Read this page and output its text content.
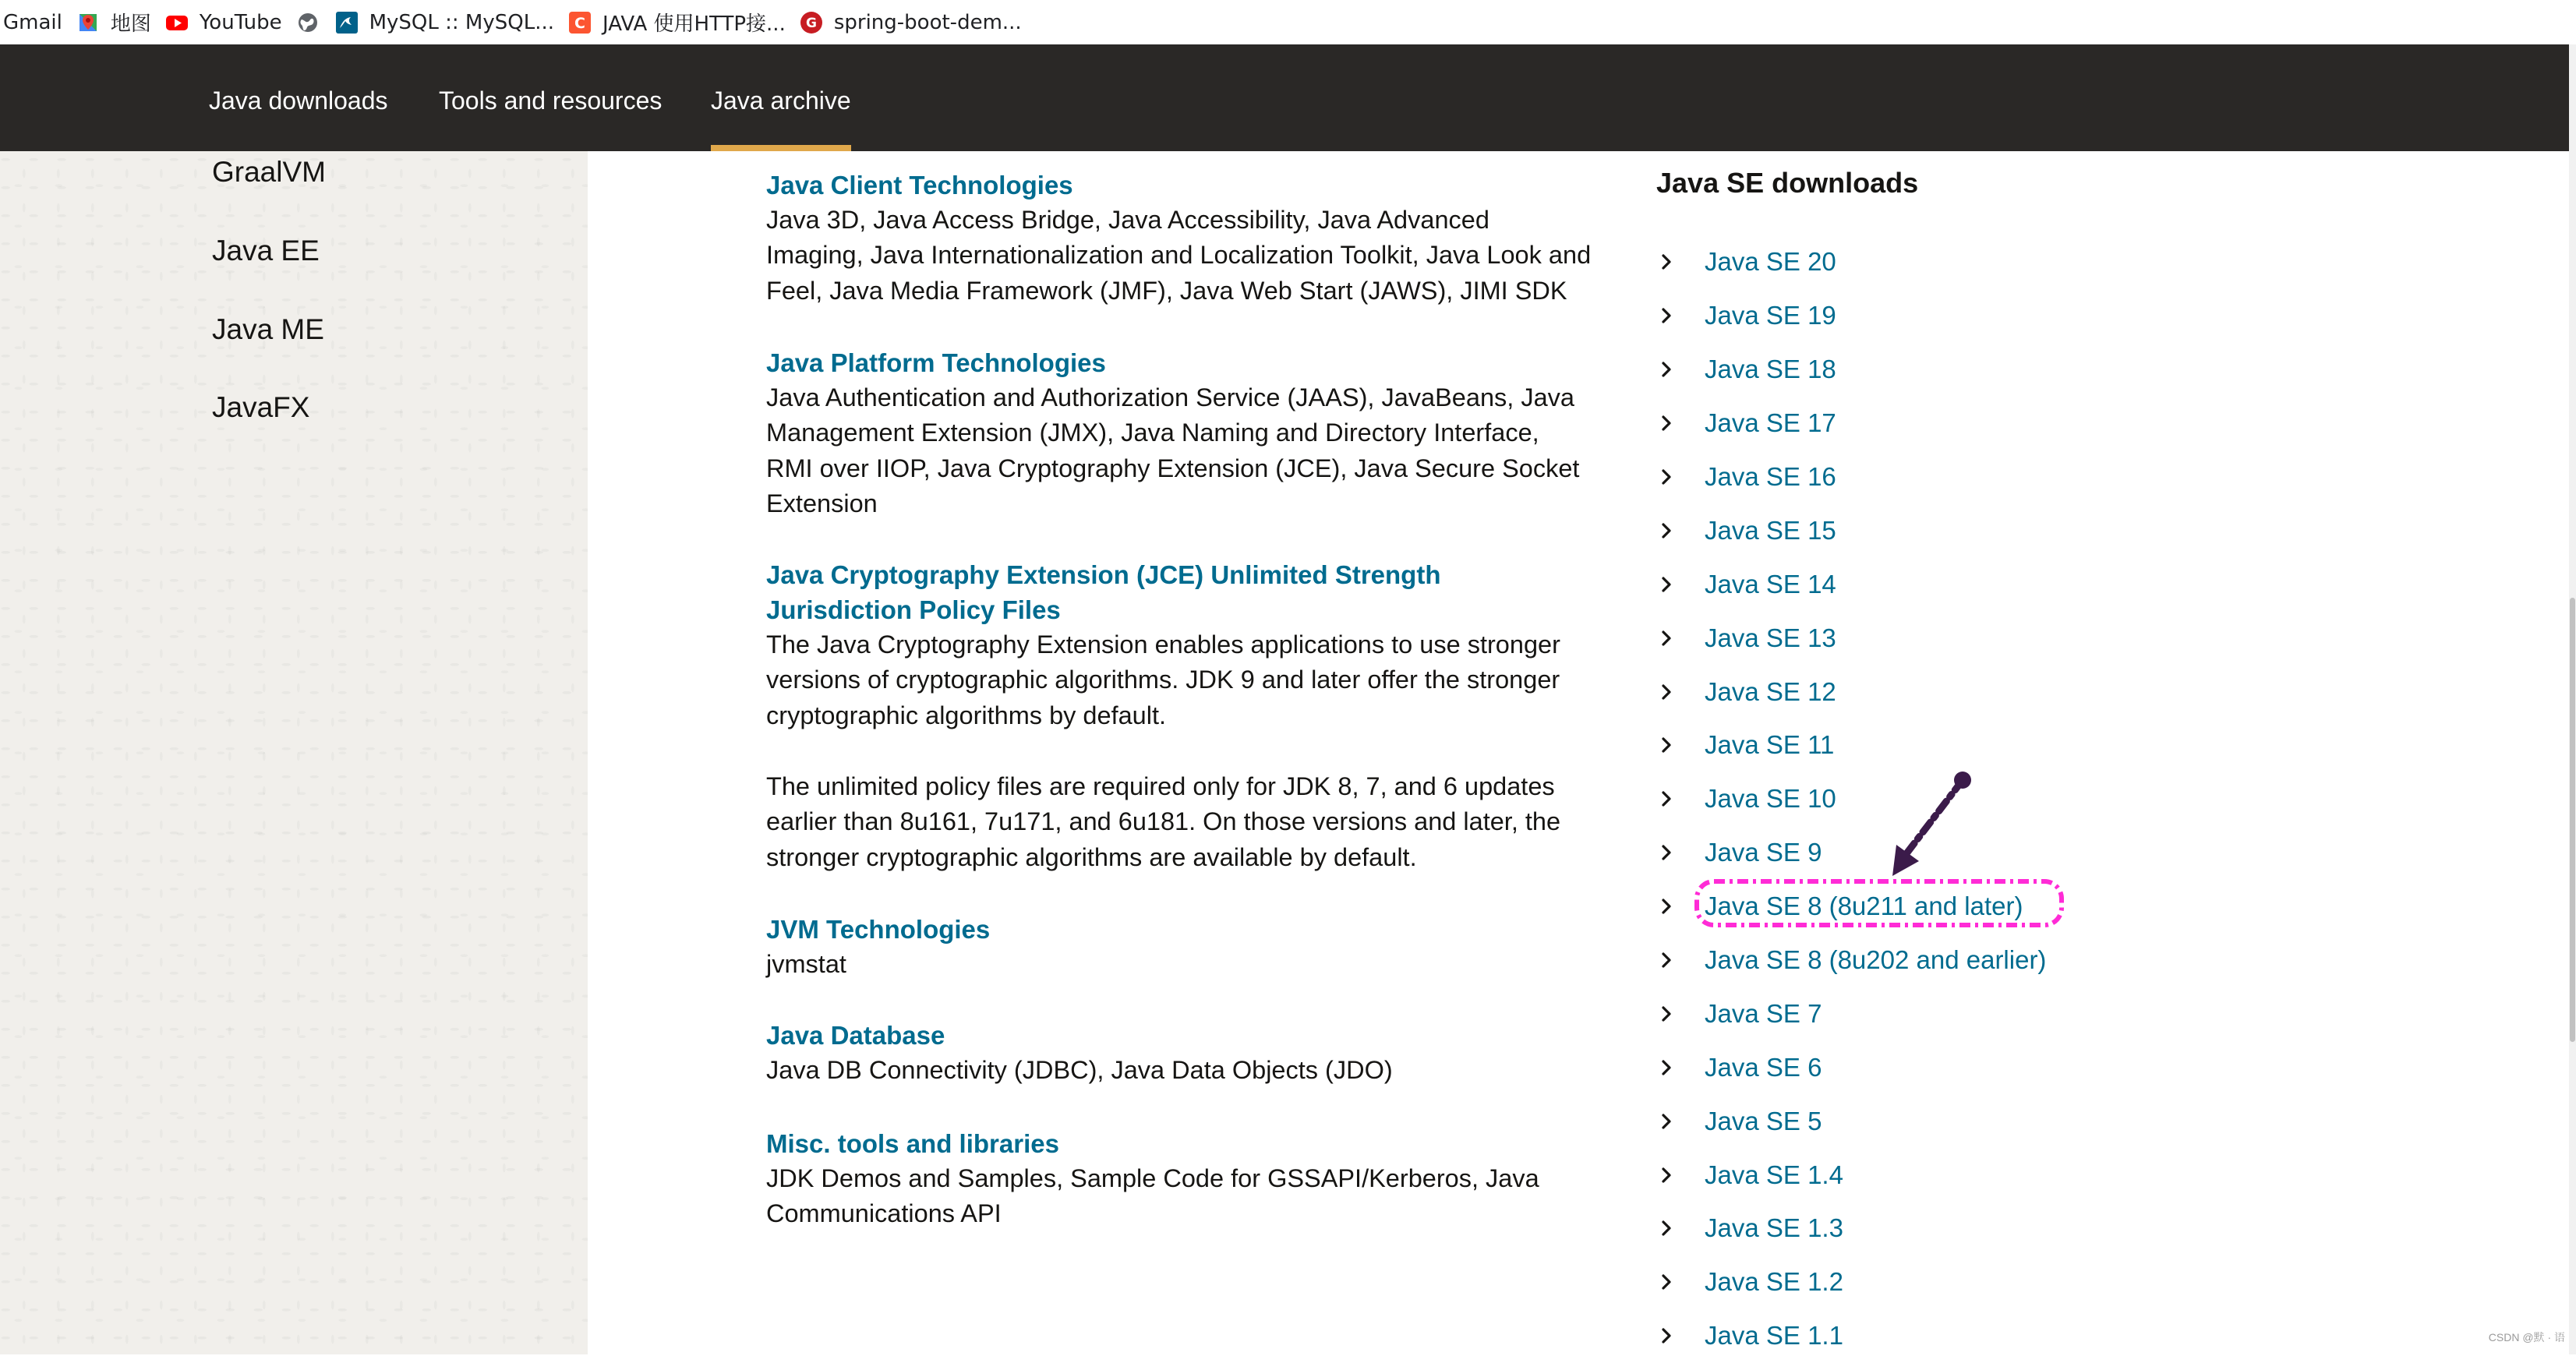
Gmail 地图 YouTube	MySQL :: MySQL... C JAVA 使用HTTP接... G spring-boot-dem...
Java downloads Tools and resources Java archive
GraalVM
Java EE
Java ME
JavaFX
Java Client Technologies
Java 3D, Java Access Bridge, Java Accessibility, Java Advanced Imaging, Java Internationalization and Localization Toolkit, Java Look and Feel, Java Media Framework (JMF), Java Web Start (JAWS), JIMI SDK
Java Platform Technologies
Java Authentication and Authorization Service (JAAS), JavaBeans, Java Management Extension (JMX), Java Naming and Directory Interface, RMI over IIOP, Java Cryptography Extension (JCE), Java Secure Socket Extension
Java Cryptography Extension (JCE) Unlimited Strength Jurisdiction Policy Files
The Java Cryptography Extension enables applications to use stronger versions of cryptographic algorithms. JDK 9 and later offer the stronger cryptographic algorithms by default.
The unlimited policy files are required only for JDK 8, 7, and 6 updates earlier than 8u161, 7u171, and 6u181. On those versions and later, the stronger cryptographic algorithms are available by default.
JVM Technologies
jvmstat
Java Database
Java DB Connectivity (JDBC), Java Data Objects (JDO)
Misc. tools and libraries
JDK Demos and Samples, Sample Code for GSSAPI/Kerberos, Java Communications API
Java SE downloads
Java SE 20
Java SE 19
Java SE 18
Java SE 17
Java SE 16
Java SE 15
Java SE 14
Java SE 13
Java SE 12
Java SE 11
Java SE 10
Java SE 9
Java SE 8 (8u211 and later)
Java SE 8 (8u202 and earlier)
Java SE 7
Java SE 6
Java SE 5
Java SE 1.4
Java SE 1.3
Java SE 1.2
Java SE 1.1	CSDN @默 · 语
